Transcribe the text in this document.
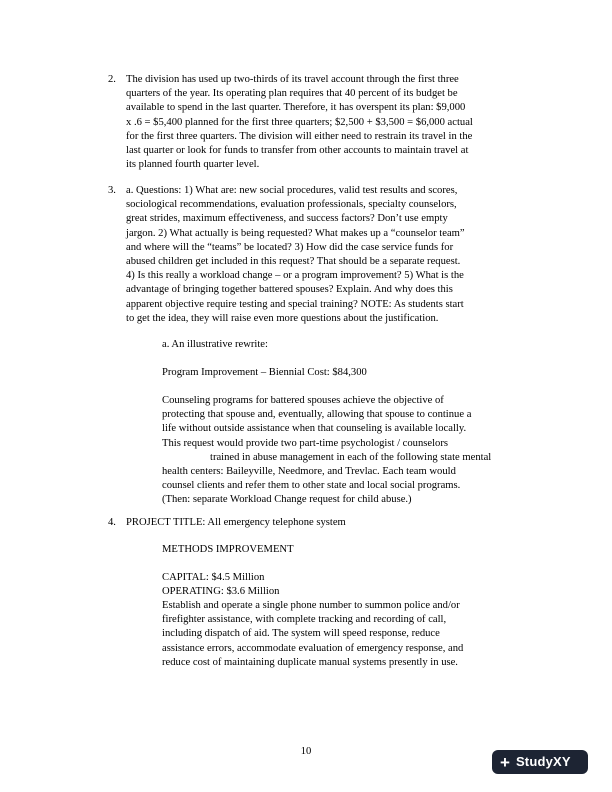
2. The division has used up two-thirds of its travel account through the first three
quarters of the year. Its operating plan requires that 40 percent of its budget be
available to spend in the last quarter. Therefore, it has overspent its plan: $9,000
x .6 = $5,400 planned for the first three quarters; $2,500 + $3,500 = $6,000 actual
for the first three quarters. The division will either need to restrain its travel in the
last quarter or look for funds to transfer from other accounts to maintain travel at
its planned fourth quarter level.
3. a. Questions: 1) What are: new social procedures, valid test results and scores,
sociological recommendations, evaluation professionals, specialty counselors,
great strides, maximum effectiveness, and success factors? Don’t use empty
jargon. 2) What actually is being requested? What makes up a “counselor team”
and where will the “teams” be located? 3) How did the case service funds for
abused children get included in this request? That should be a separate request.
4) Is this really a workload change – or a program improvement? 5) What is the
advantage of bringing together battered spouses? Explain. And why does this
apparent objective require testing and special training? NOTE: As students start
to get the idea, they will raise even more questions about the justification.
a. An illustrative rewrite:
Program Improvement – Biennial Cost: $84,300
Counseling programs for battered spouses achieve the objective of
protecting that spouse and, eventually, allowing that spouse to continue a
life without outside assistance when that counseling is available locally.
This request would provide two part-time psychologist / counselors
trained in abuse management in each of the following state mental
health centers: Baileyville, Needmore, and Trevlac. Each team would
counsel clients and refer them to other state and local social programs.
(Then: separate Workload Change request for child abuse.)
4. PROJECT TITLE: All emergency telephone system
METHODS IMPROVEMENT
CAPITAL: $4.5 Million
OPERATING: $3.6 Million
Establish and operate a single phone number to summon police and/or
firefighter assistance, with complete tracking and recording of call,
including dispatch of aid. The system will speed response, reduce
assistance errors, accommodate evaluation of emergency response, and
reduce cost of maintaining duplicate manual systems presently in use.
10
+ StudyXY
